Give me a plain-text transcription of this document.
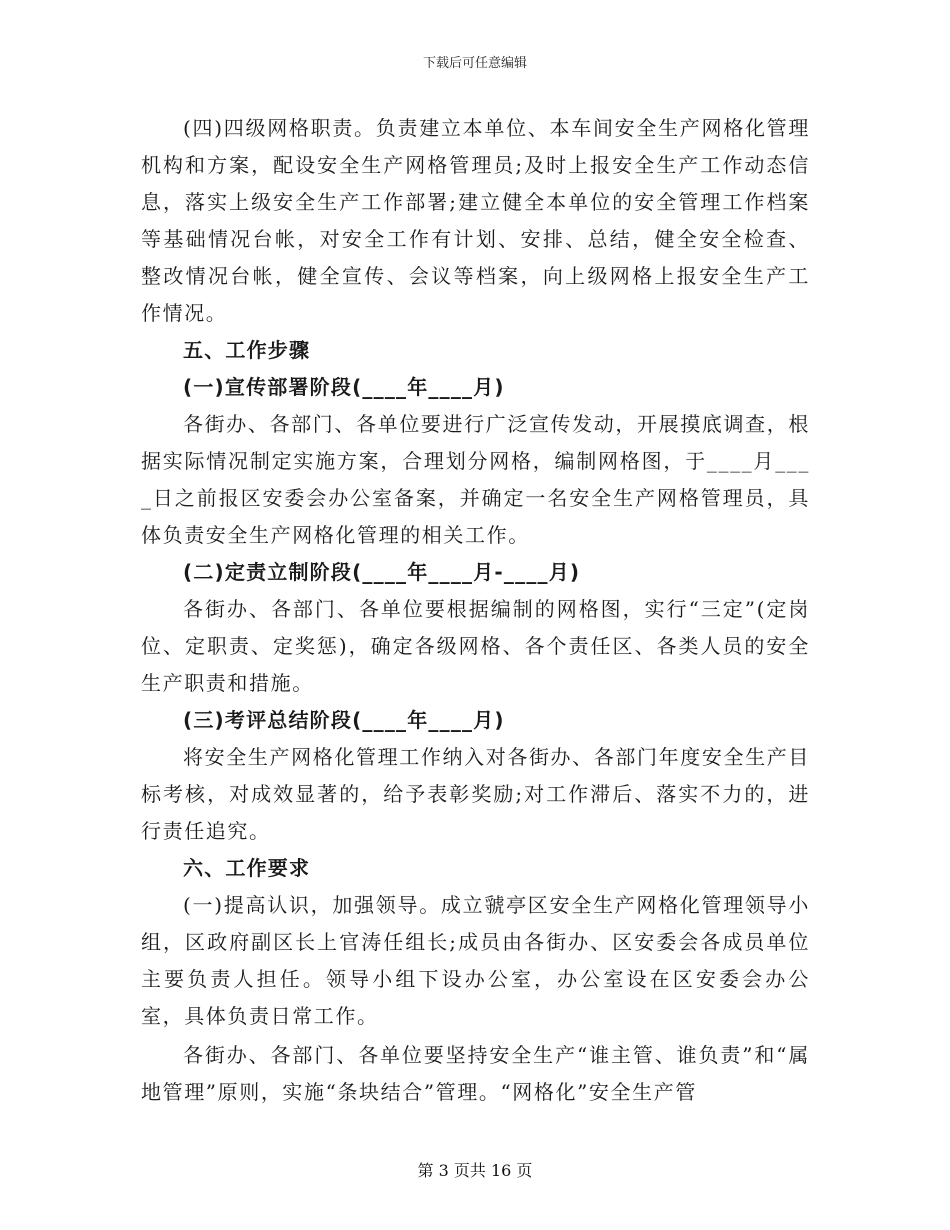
下载后可任意编辑

(四)四级网格职责。负责建立本单位、本车间安全生产网格化管理机构和方案，配设安全生产网格管理员;及时上报安全生产工作动态信息，落实上级安全生产工作部署;建立健全本单位的安全管理工作档案等基础情况台帐，对安全工作有计划、安排、总结，健全安全检查、整改情况台帐，健全宣传、会议等档案，向上级网格上报安全生产工作情况。

五、工作步骤

(一)宣传部署阶段(____年____月)

各街办、各部门、各单位要进行广泛宣传发动，开展摸底调查，根据实际情况制定实施方案，合理划分网格，编制网格图，于____月____日之前报区安委会办公室备案，并确定一名安全生产网格管理员，具体负责安全生产网格化管理的相关工作。

(二)定责立制阶段(____年____月-____月)

各街办、各部门、各单位要根据编制的网格图，实行“三定”(定岗位、定职责、定奖惩)，确定各级网格、各个责任区、各类人员的安全生产职责和措施。

(三)考评总结阶段(____年____月)

将安全生产网格化管理工作纳入对各街办、各部门年度安全生产目标考核，对成效显著的，给予表彰奖励;对工作滞后、落实不力的，进行责任追究。

六、工作要求

(一)提高认识，加强领导。成立虢亭区安全生产网格化管理领导小组，区政府副区长上官涛任组长;成员由各街办、区安委会各成员单位主要负责人担任。领导小组下设办公室，办公室设在区安委会办公室，具体负责日常工作。

各街办、各部门、各单位要坚持安全生产“谁主管、谁负责”和“属地管理”原则，实施“条块结合”管理。“网格化”安全生产管

第 3 页共 16 页
